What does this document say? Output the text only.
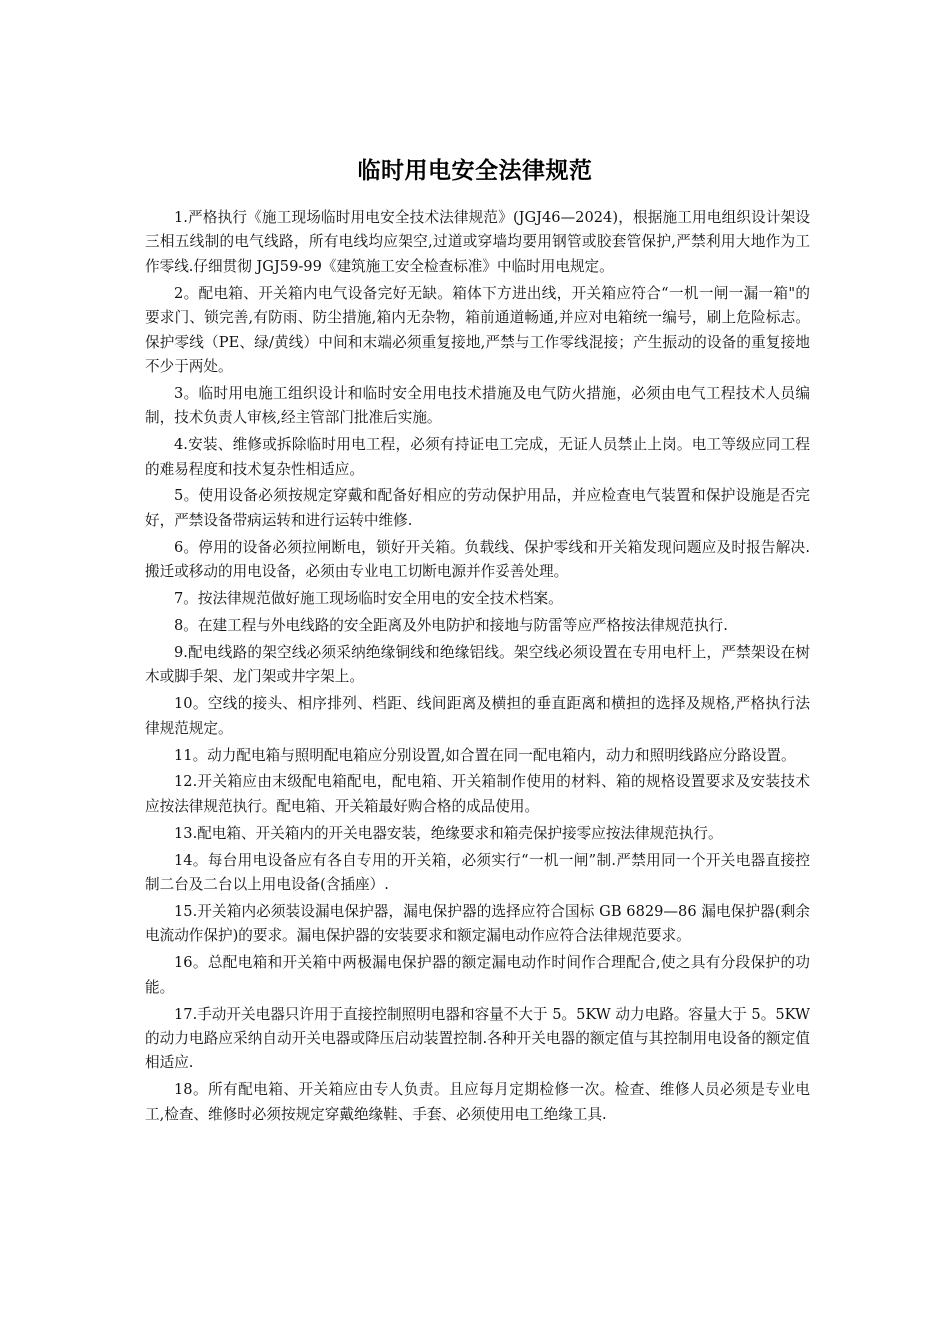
临时用电安全法律规范

1.严格执行《施工现场临时用电安全技术法律规范》(JGJ46—2024)，根据施工用电组织设计架设三相五线制的电气线路，所有电线均应架空,过道或穿墙均要用钢管或胶套管保护,严禁利用大地作为工作零线.仔细贯彻 JGJ59-99《建筑施工安全检查标准》中临时用电规定。

2。配电箱、开关箱内电气设备完好无缺。箱体下方进出线，开关箱应符合“一机一闸一漏一箱"的要求门、锁完善,有防雨、防尘措施,箱内无杂物，箱前通道畅通,并应对电箱统一编号，刷上危险标志。保护零线（PE、绿/黄线）中间和末端必须重复接地,严禁与工作零线混接；产生振动的设备的重复接地不少于两处。

3。临时用电施工组织设计和临时安全用电技术措施及电气防火措施，必须由电气工程技术人员编制，技术负责人审核,经主管部门批准后实施。

4.安装、维修或拆除临时用电工程，必须有持证电工完成，无证人员禁止上岗。电工等级应同工程的难易程度和技术复杂性相适应。

5。使用设备必须按规定穿戴和配备好相应的劳动保护用品，并应检查电气装置和保护设施是否完好，严禁设备带病运转和进行运转中维修.

6。停用的设备必须拉闸断电，锁好开关箱。负载线、保护零线和开关箱发现问题应及时报告解决.搬迁或移动的用电设备，必须由专业电工切断电源并作妥善处理。

7。按法律规范做好施工现场临时安全用电的安全技术档案。

8。在建工程与外电线路的安全距离及外电防护和接地与防雷等应严格按法律规范执行.

9.配电线路的架空线必须采纳绝缘铜线和绝缘铝线。架空线必须设置在专用电杆上，严禁架设在树木或脚手架、龙门架或井字架上。

10。空线的接头、相序排列、档距、线间距离及横担的垂直距离和横担的选择及规格,严格执行法律规范规定。

11。动力配电箱与照明配电箱应分别设置,如合置在同一配电箱内，动力和照明线路应分路设置。

12.开关箱应由末级配电箱配电，配电箱、开关箱制作使用的材料、箱的规格设置要求及安装技术应按法律规范执行。配电箱、开关箱最好购合格的成品使用。

13.配电箱、开关箱内的开关电器安装，绝缘要求和箱壳保护接零应按法律规范执行。

14。每台用电设备应有各自专用的开关箱，必须实行“一机一闸”制.严禁用同一个开关电器直接控制二台及二台以上用电设备(含插座）.

15.开关箱内必须装设漏电保护器，漏电保护器的选择应符合国标 GB 6829—86 漏电保护器(剩余电流动作保护)的要求。漏电保护器的安装要求和额定漏电动作应符合法律规范要求。

16。总配电箱和开关箱中两极漏电保护器的额定漏电动作时间作合理配合,使之具有分段保护的功能。

17.手动开关电器只许用于直接控制照明电器和容量不大于 5。5KW 动力电路。容量大于 5。5KW 的动力电路应采纳自动开关电器或降压启动装置控制.各种开关电器的额定值与其控制用电设备的额定值相适应.

18。所有配电箱、开关箱应由专人负责。且应每月定期检修一次。检查、维修人员必须是专业电工,检查、维修时必须按规定穿戴绝缘鞋、手套、必须使用电工绝缘工具.
